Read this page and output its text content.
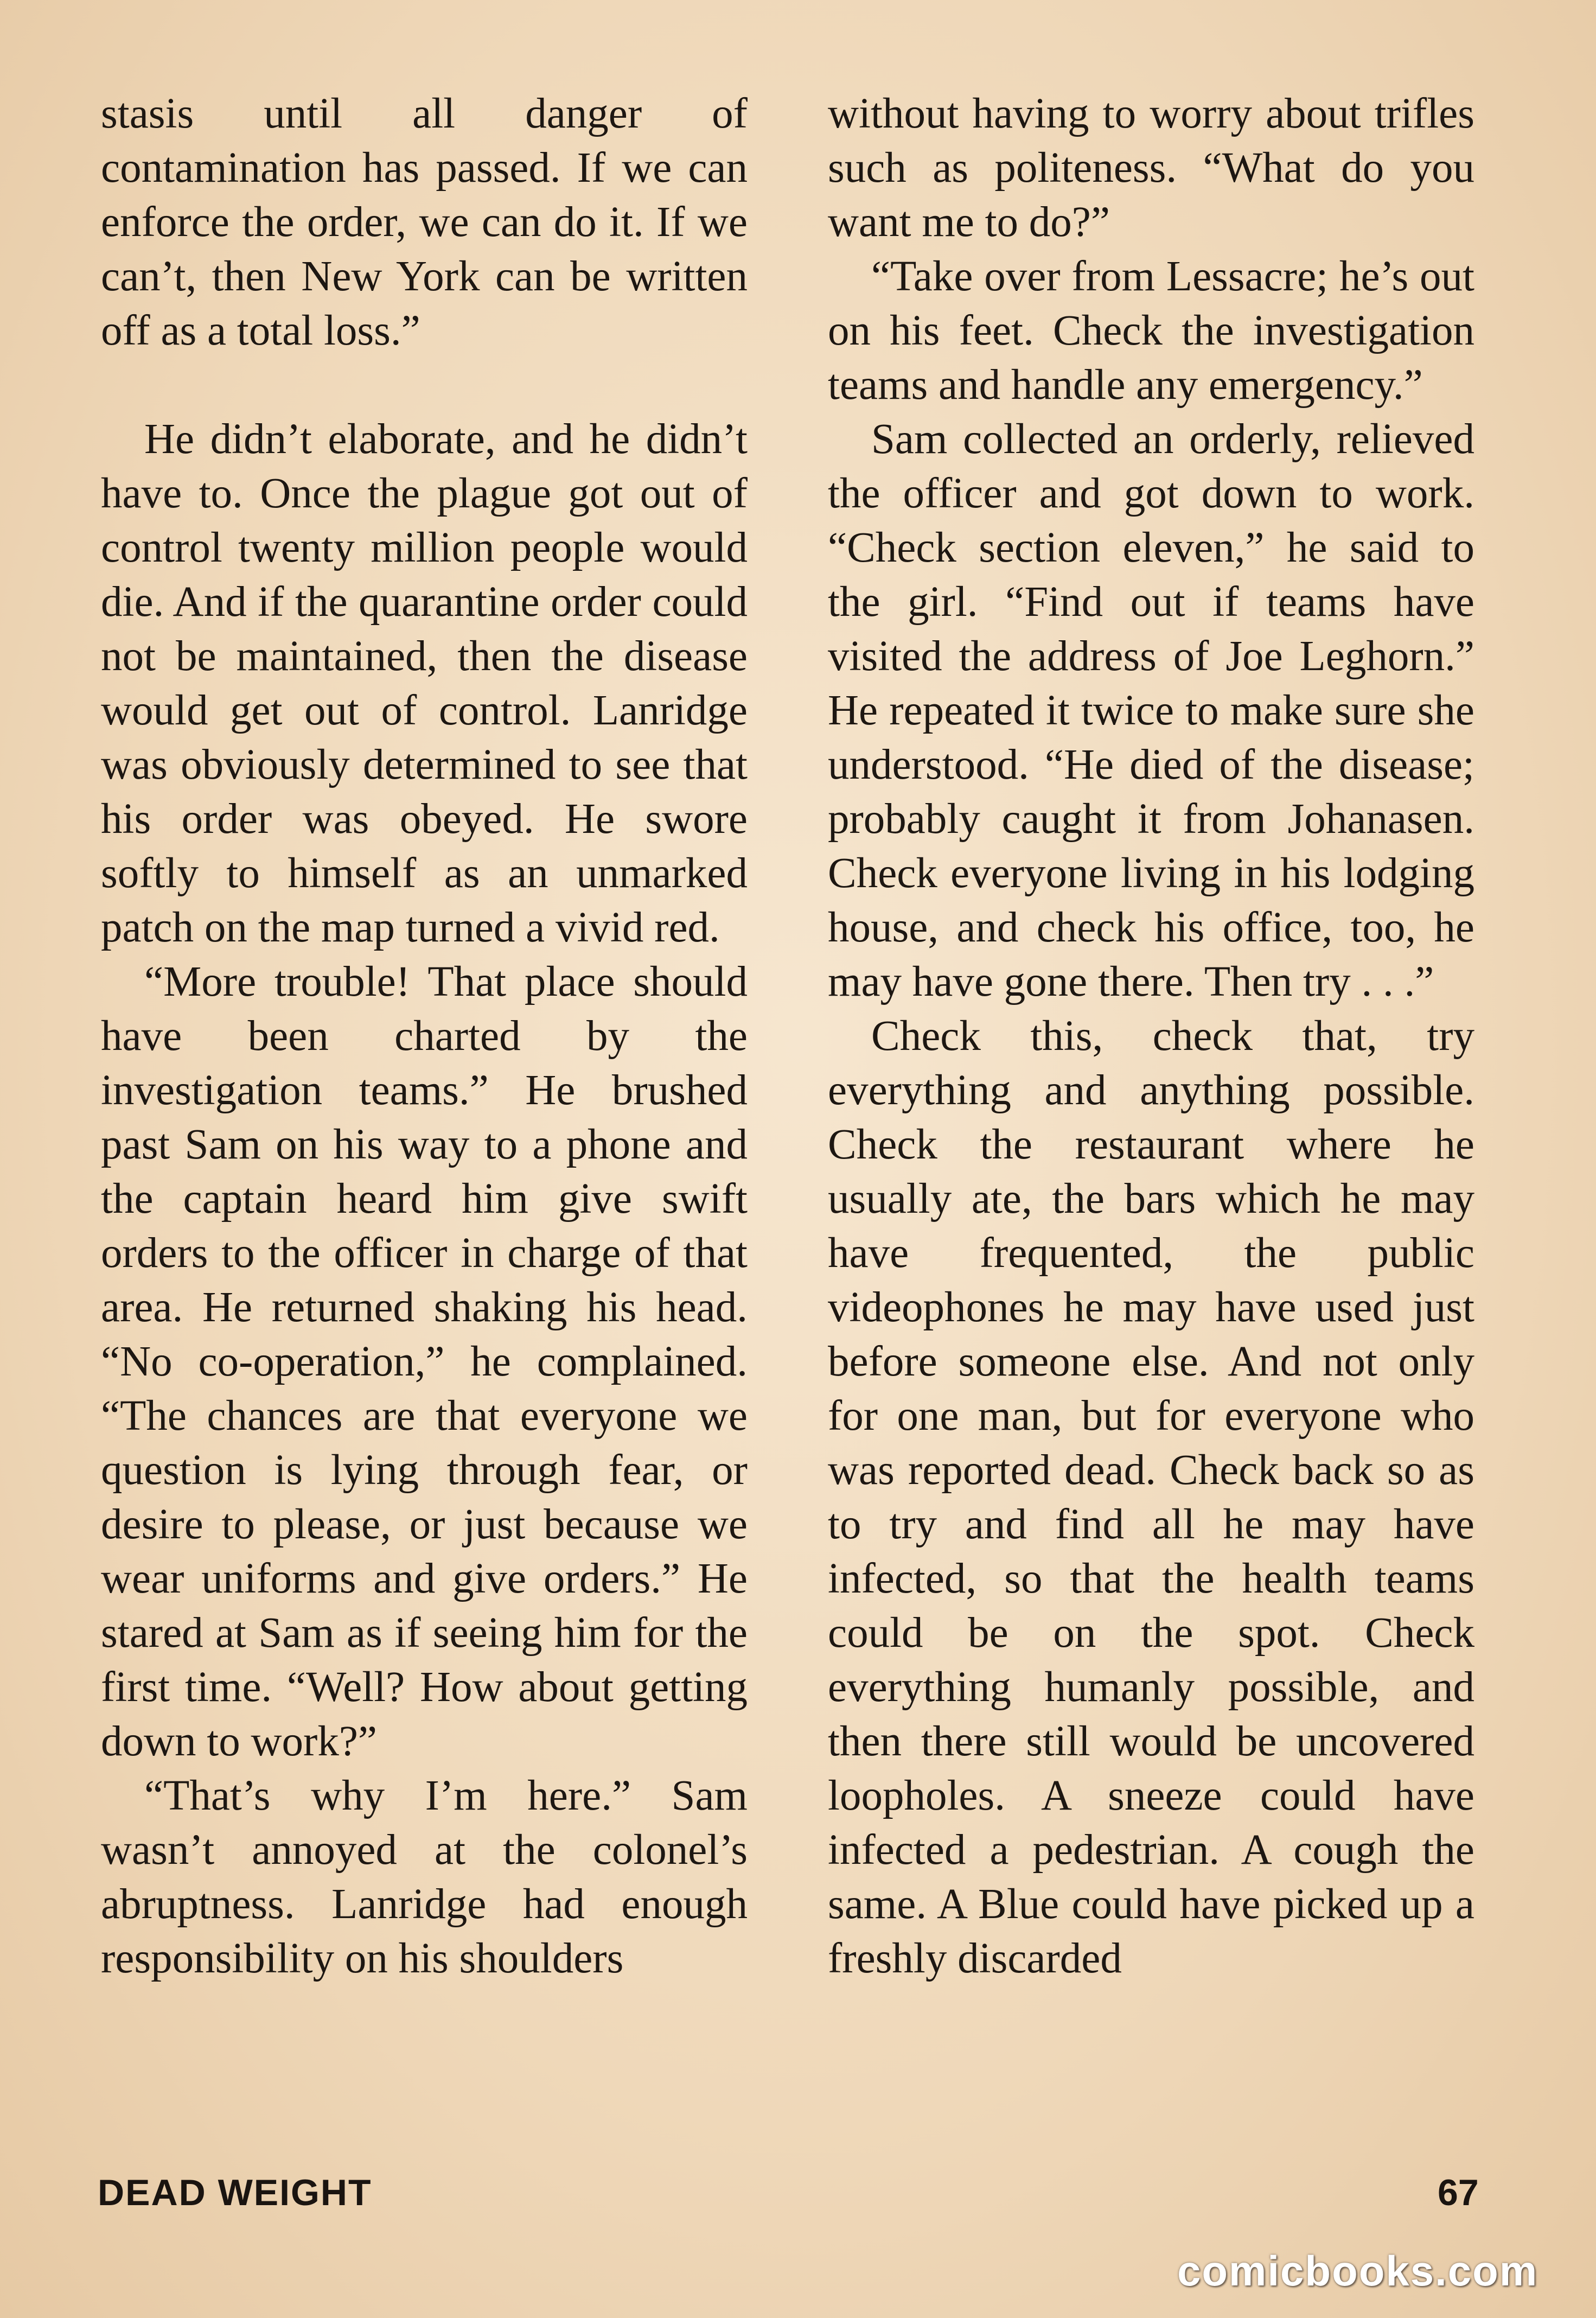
stasis until all danger of contamination has passed. If we can enforce the order, we can do it. If we can’t, then New York can be written off as a total loss.”

He didn’t elaborate, and he didn’t have to. Once the plague got out of control twenty million people would die. And if the quarantine order could not be maintained, then the disease would get out of control. Lanridge was obviously determined to see that his order was obeyed. He swore softly to himself as an unmarked patch on the map turned a vivid red.

“More trouble! That place should have been charted by the investigation teams.” He brushed past Sam on his way to a phone and the captain heard him give swift orders to the officer in charge of that area. He returned shaking his head. “No co-operation,” he complained. “The chances are that everyone we question is lying through fear, or desire to please, or just because we wear uniforms and give orders.” He stared at Sam as if seeing him for the first time. “Well? How about getting down to work?”

“That’s why I’m here.” Sam wasn’t annoyed at the colonel’s abruptness. Lanridge had enough responsibility on his shoulders

without having to worry about trifles such as politeness. “What do you want me to do?”

“Take over from Lessacre; he’s out on his feet. Check the investigation teams and handle any emergency.”

Sam collected an orderly, relieved the officer and got down to work. “Check section eleven,” he said to the girl. “Find out if teams have visited the address of Joe Leghorn.” He repeated it twice to make sure she understood. “He died of the disease; probably caught it from Johanasen. Check everyone living in his lodging house, and check his office, too, he may have gone there. Then try . . .”

Check this, check that, try everything and anything possible. Check the restaurant where he usually ate, the bars which he may have frequented, the public videophones he may have used just before someone else. And not only for one man, but for everyone who was reported dead. Check back so as to try and find all he may have infected, so that the health teams could be on the spot. Check everything humanly possible, and then there still would be uncovered loopholes. A sneeze could have infected a pedestrian. A cough the same. A Blue could have picked up a freshly discarded

DEAD WEIGHT	67
comicbooks.com
